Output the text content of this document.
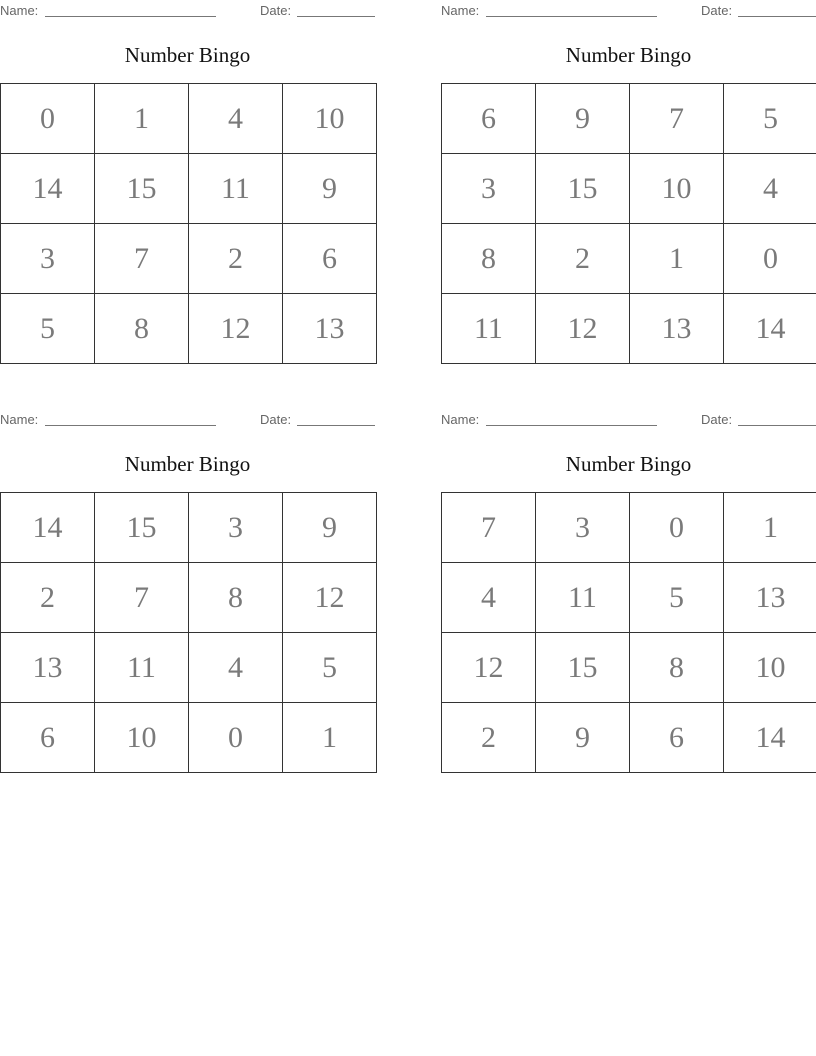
Name:	Date:
Number Bingo
0	1	4	10
14	15	11	9
3	7	2	6
5	8	12	13
Name:	Date:
Number Bingo
6	9	7	5
3	15	10	4
8	2	1	0
11	12	13	14
Name:	Date:
Number Bingo
14	15	3	9
2	7	8	12
13	11	4	5
6	10	0	1
Name:	Date:
Number Bingo
7	3	0	1
4	11	5	13
12	15	8	10
2	9	6	14
